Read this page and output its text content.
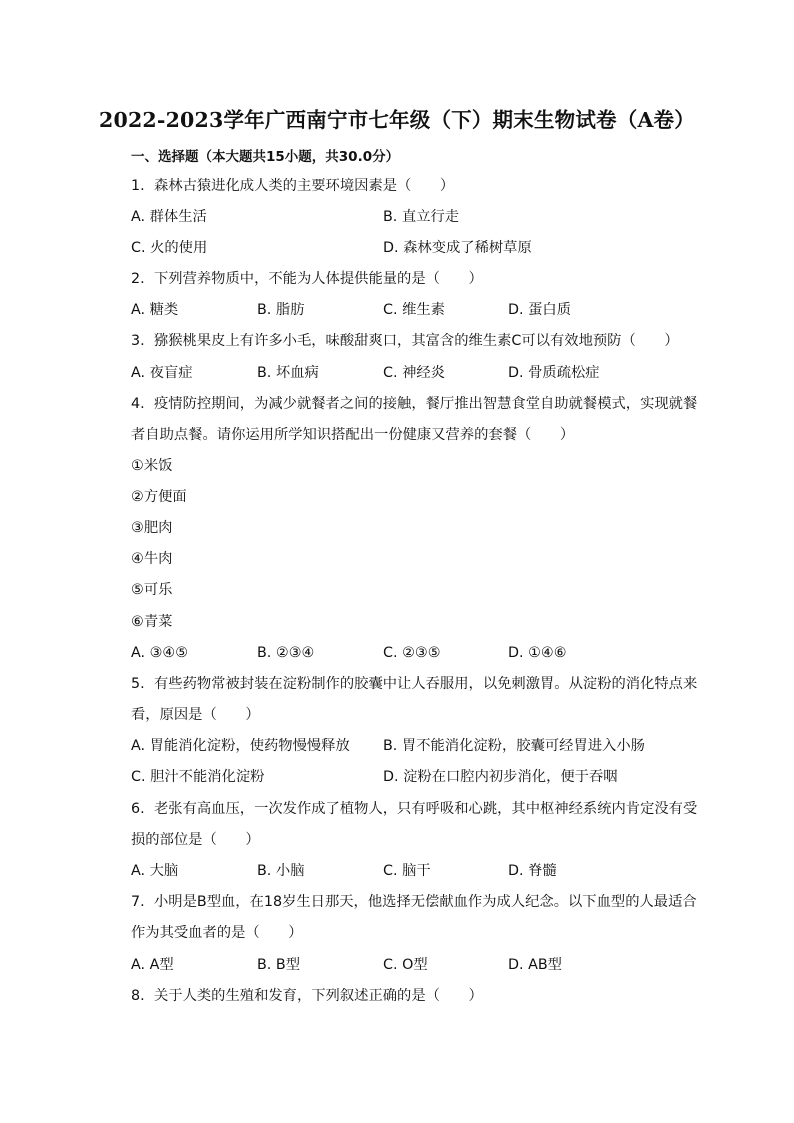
2022-2023学年广西南宁市七年级（下）期末生物试卷（A卷）
一、选择题（本大题共15小题，共30.0分）
1. 森林古猿进化成人类的主要环境因素是（　　）
A. 群体生活	B. 直立行走
C. 火的使用	D. 森林变成了稀树草原
2. 下列营养物质中，不能为人体提供能量的是（　　）
A. 糖类	B. 脂肪	C. 维生素	D. 蛋白质
3. 猕猴桃果皮上有许多小毛，味酸甜爽口，其富含的维生素C可以有效地预防（　　）
A. 夜盲症	B. 坏血病	C. 神经炎	D. 骨质疏松症
4. 疫情防控期间，为减少就餐者之间的接触，餐厅推出智慧食堂自助就餐模式，实现就餐
者自助点餐。请你运用所学知识搭配出一份健康又营养的套餐（　　）
①米饭
②方便面
③肥肉
④牛肉
⑤可乐
⑥青菜
A. ③④⑤	B. ②③④	C. ②③⑤	D. ①④⑥
5. 有些药物常被封装在淀粉制作的胶囊中让人吞服用，以免刺激胃。从淀粉的消化特点来
看，原因是（　　）
A. 胃能消化淀粉，使药物慢慢释放 B. 胃不能消化淀粉，胶囊可经胃进入小肠
C. 胆汁不能消化淀粉	D. 淀粉在口腔内初步消化，便于吞咽
6. 老张有高血压，一次发作成了植物人，只有呼吸和心跳，其中枢神经系统内肯定没有受
损的部位是（　　）
A. 大脑	B. 小脑	C. 脑干	D. 脊髓
7. 小明是B型血，在18岁生日那天，他选择无偿献血作为成人纪念。以下血型的人最适合
作为其受血者的是（　　）
A. A型	B. B型	C. O型	D. AB型
8. 关于人类的生殖和发育，下列叙述正确的是（　　）
